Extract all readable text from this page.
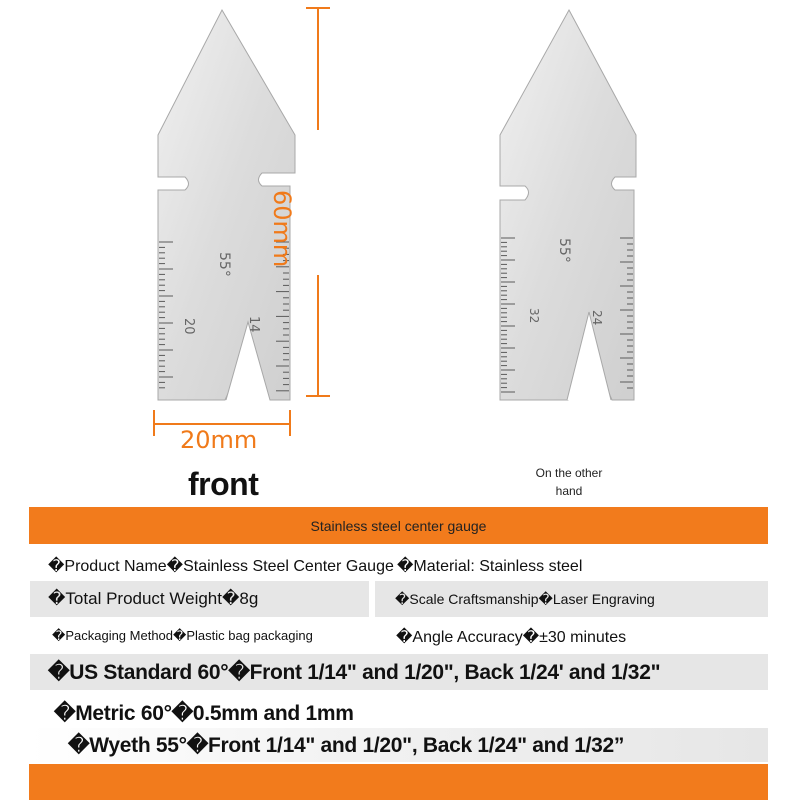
55°
20	14
55°
32	24
60mm
20mm
front	On the other
hand
Stainless steel center gauge
�Product Name�Stainless Steel Center Gauge �Material: Stainless steel
�Total Product Weight�8g	�Scale Craftsmanship�Laser Engraving
�Packaging Method�Plastic bag packaging	�Angle Accuracy�±30 minutes
�US Standard 60°�Front 1/14" and 1/20", Back 1/24' and 1/32"
�Metric 60°�0.5mm and 1mm
�Wyeth 55°�Front 1/14" and 1/20", Back 1/24" and 1/32”
